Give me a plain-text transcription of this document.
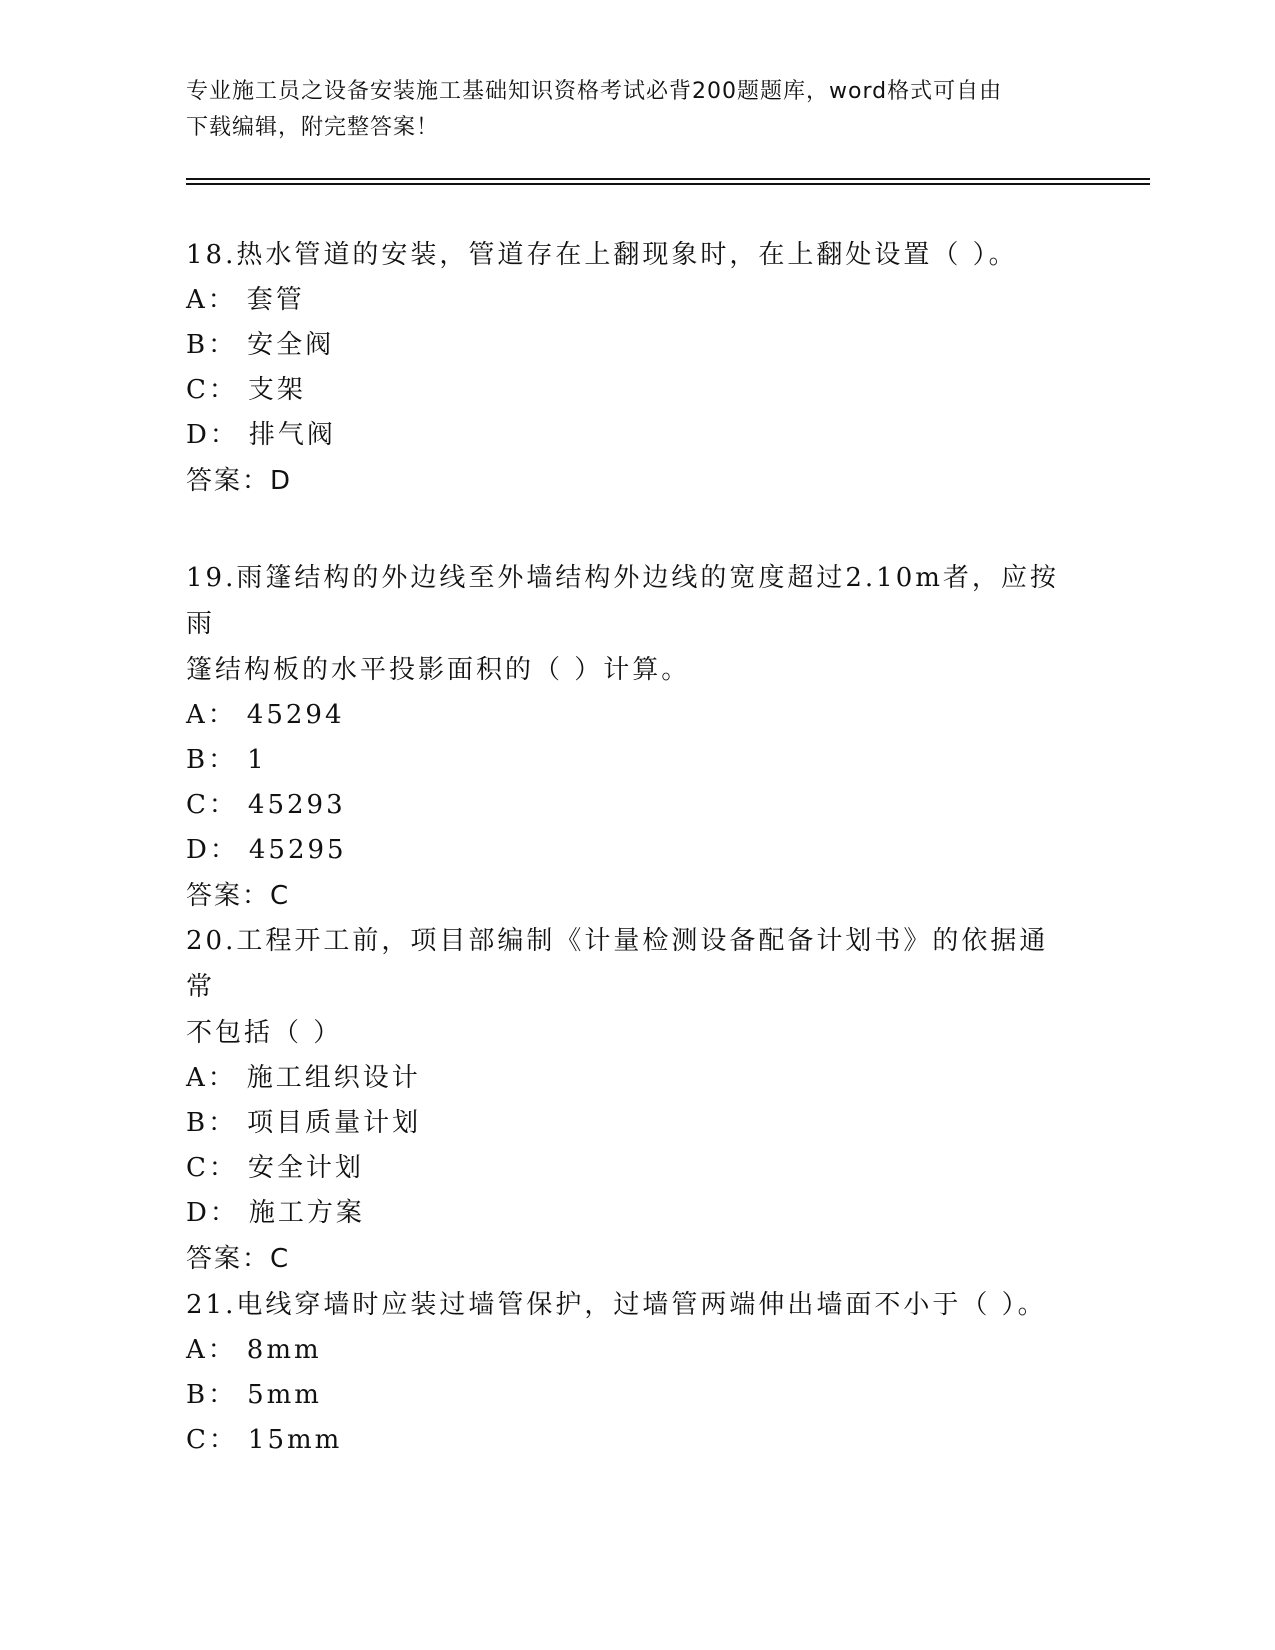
专业施工员之设备安装施工基础知识资格考试必背200题题库，word格式可自由
下载编辑，附完整答案！
18.热水管道的安装，管道存在上翻现象时，在上翻处设置（ ）。
A： 套管
B： 安全阀
C： 支架
D： 排气阀
答案：D
19.雨篷结构的外边线至外墙结构外边线的宽度超过2.10m者，应按雨
篷结构板的水平投影面积的（ ）计算。
A： 45294
B： 1
C： 45293
D： 45295
答案：C
20.工程开工前，项目部编制《计量检测设备配备计划书》的依据通常
不包括（ ）
A： 施工组织设计
B： 项目质量计划
C： 安全计划
D： 施工方案
答案：C
21.电线穿墙时应装过墙管保护，过墙管两端伸出墙面不小于（ ）。
A： 8mm
B： 5mm
C： 15mm
